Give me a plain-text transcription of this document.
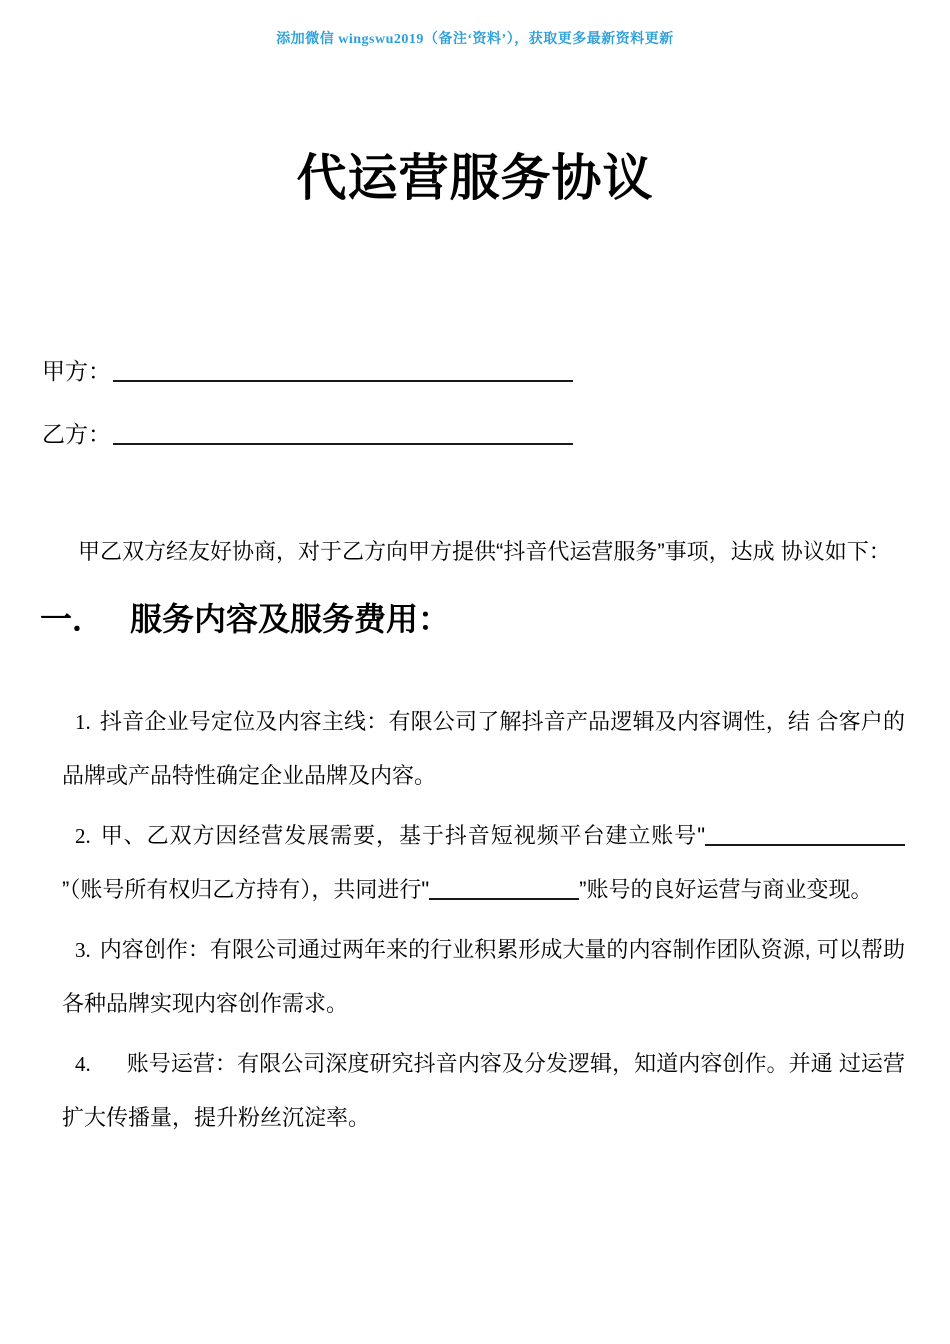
添加微信 wingswu2019（备注‘资料’），获取更多最新资料更新
代运营服务协议
甲方：
乙方：

甲乙双方经友好协商，对于乙方向甲方提供“抖音代运营服务”事项，达成 协议如下：

一． 服务内容及服务费用：

1. 抖音企业号定位及内容主线：有限公司了解抖音产品逻辑及内容调性，结 合客户的品牌或产品特性确定企业品牌及内容。

2. 甲、乙双方因经营发展需要，基于抖音短视频平台建立账号"”（账号所有权归乙方持有），共同进行"	”账号的良好运营与商业变现。

3. 内容创作：有限公司通过两年来的行业积累形成大量的内容制作团队资源, 可以帮助各种品牌实现内容创作需求。

4. 账号运营：有限公司深度研究抖音内容及分发逻辑，知道内容创作。并通 过运营扩大传播量，提升粉丝沉淀率。
